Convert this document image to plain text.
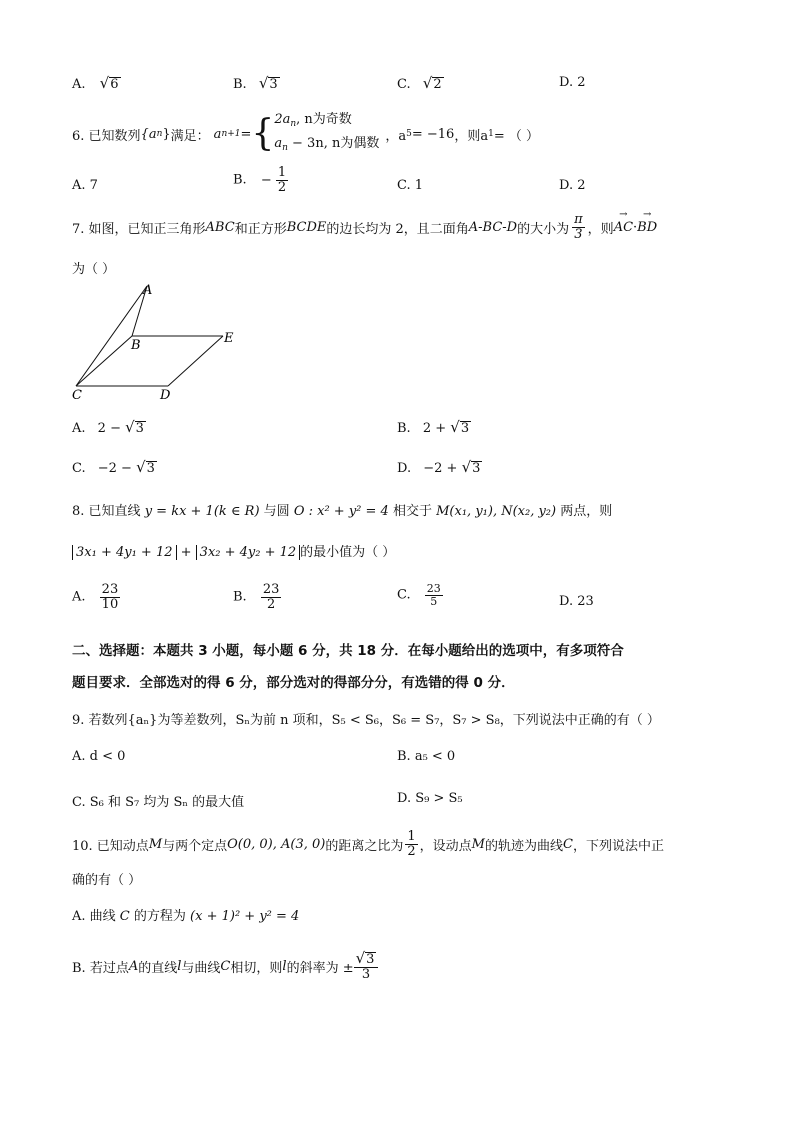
A. √6	B. √3	C. √2	D. 2
6. 已知数列 {a n } 满足： a n+1 = { $2a_n$, n为奇数
$a_n - 3n$, n为偶数 ，a 5 = −16 ，则a 1 = （ ）
A. 7	B. − $\frac{1}{2}$	C. 1	D. 2
7. 如图，已知正三角形 ABC 和正方形 BCDE 的边长均为 2，且二面角 A-BC-D 的大小为 $\frac{\pi}{3}$ ，则 → AC · → BD
为（ ）
A
B	E
C	D
A. 2 − √3	B. 2 + √3
C. −2 − √3	D. −2 + √3
8. 已知直线 y = kx + 1(k ∈ R) 与圆 O : x² + y² = 4 相交于 M(x₁, y₁), N(x₂, y₂) 两点，则
3x₁ + 4y₁ + 12 + 3x₂ + 4y₂ + 12 的最小值为（ ）
A. $\frac{23}{10}$	B. $\frac{23}{2}$	C. $\frac{23}{5}$	D. 23
二、选择题：本题共 3 小题，每小题 6 分，共 18 分．在每小题给出的选项中，有多项符合
题目要求．全部选对的得 6 分，部分选对的得部分分，有选错的得 0 分．
9. 若数列{aₙ}为等差数列，Sₙ为前 n 项和，S₅ < S₆，S₆ = S₇，S₇ > S₈，下列说法中正确的有（ ）
A. d < 0	B. a₅ < 0
C. S₆ 和 S₇ 均为 Sₙ 的最大值	D. S₉ > S₅
10. 已知动点 M 与两个定点 O(0, 0), A(3, 0) 的距离之比为 $\frac{1}{2}$ ，设动点 M 的轨迹为曲线 C ，下列说法中正
确的有（ ）
A. 曲线 C 的方程为 (x + 1)² + y² = 4
B. 若过点 A 的直线 l 与曲线 C 相切，则 l 的斜率为 ± $\frac{√3}{3}$
